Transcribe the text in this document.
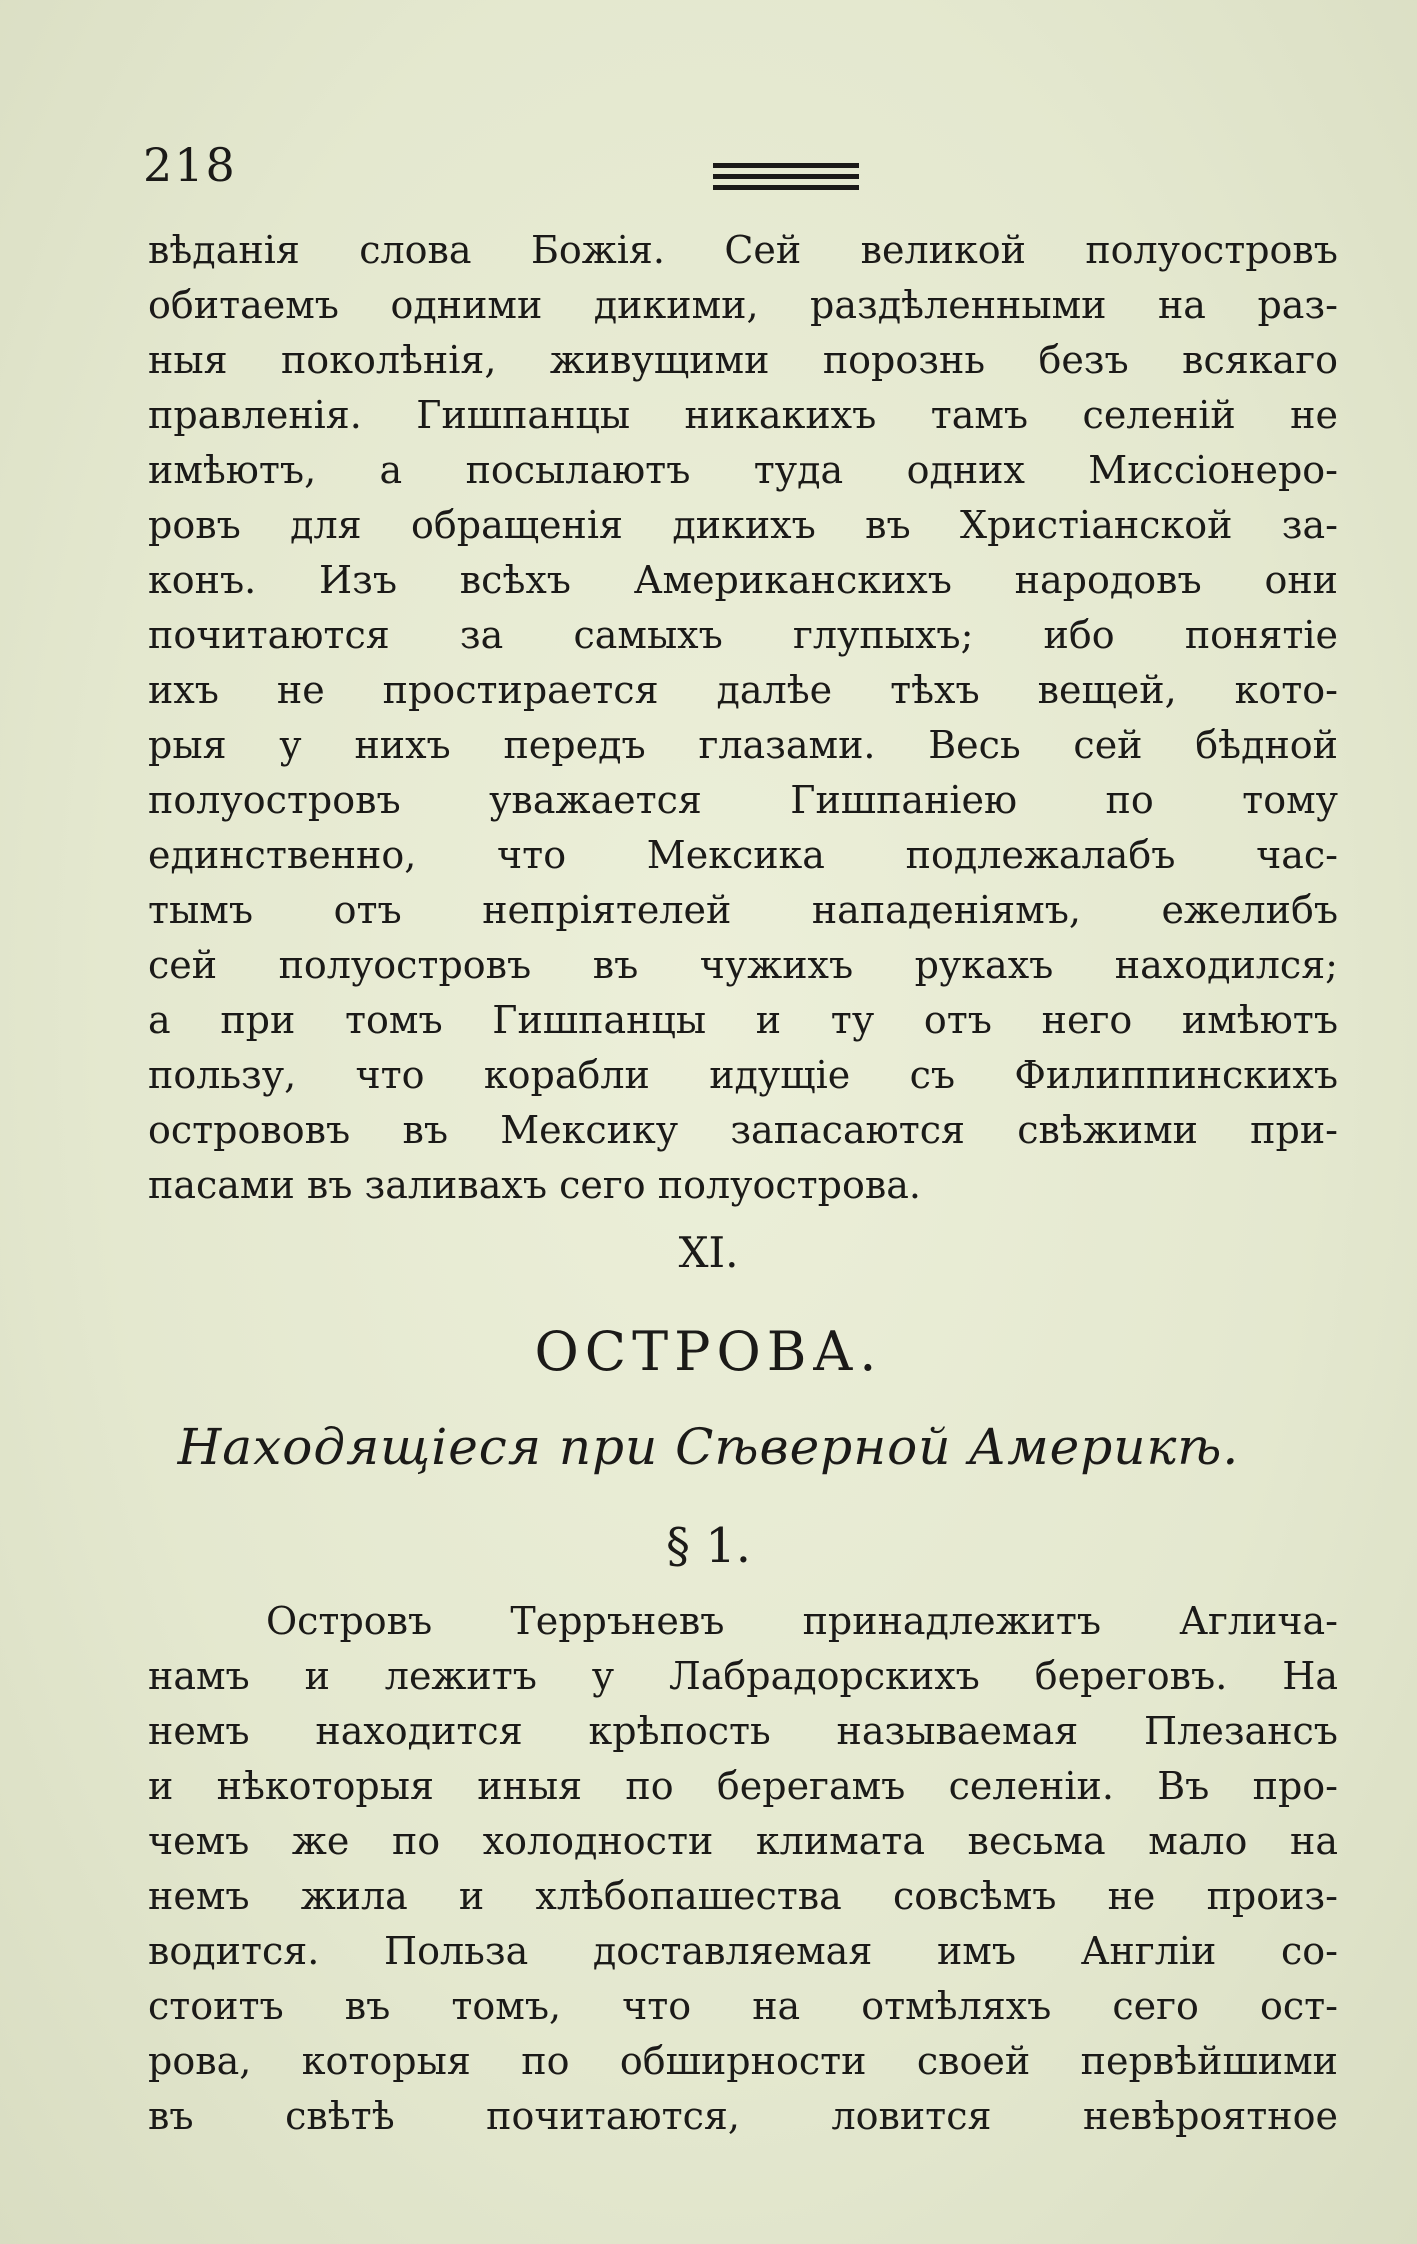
218
вѣданія слова Божія. Сей великой полуостровъ
обитаемъ одними дикими, раздѣленными на раз-
ныя поколѣнія, живущими порознь безъ всякаго
правленія. Гишпанцы никакихъ тамъ селеній не
имѣютъ, а посылаютъ туда одних Миссіонеро-
ровъ для обращенія дикихъ въ Христіанской за-
конъ. Изъ всѣхъ Американскихъ народовъ они
почитаются за самыхъ глупыхъ; ибо понятіе
ихъ не простирается далѣе тѣхъ вещей, кото-
рыя у нихъ передъ глазами. Весь сей бѣдной
полуостровъ уважается Гишпаніею по тому
единственно, что Мексика подлежалабъ час-
тымъ отъ непріятелей нападеніямъ, ежелибъ
сей полуостровъ въ чужихъ рукахъ находился;
а при томъ Гишпанцы и ту отъ него имѣютъ
пользу, что корабли идущіе съ Филиппинскихъ
острововъ въ Мексику запасаются свѣжими при-
пасами въ заливахъ сего полуострова.
XI.
ОСТРОВА.
Находящіеся при Сѣверной Америкѣ.
§ 1.
Островъ Терръневъ принадлежитъ Агличa-
намъ и лежитъ у Лабрадорскихъ береговъ. На
немъ находится крѣпость называемая Плезансъ
и нѣкоторыя иныя по берегамъ селеніи. Въ про-
чемъ же по холодности климата весьма мало на
немъ жила и хлѣбопашества совсѣмъ не произ-
водится. Польза доставляемая имъ Англіи со-
стоитъ въ томъ, что на отмѣляхъ сего ост-
рова, которыя по обширности своей первѣйшими
въ свѣтѣ почитаются, ловится невѣроятное
